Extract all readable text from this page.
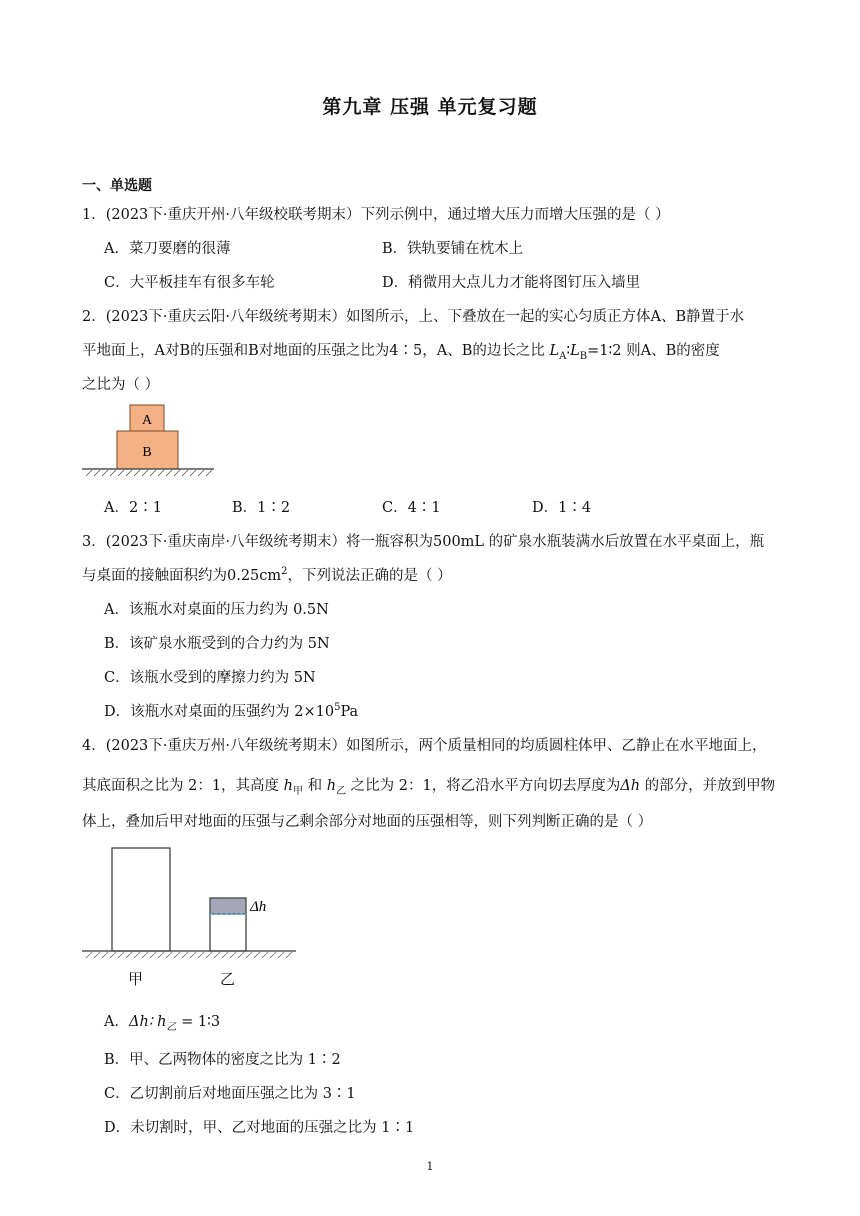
第九章 压强 单元复习题
一、单选题
1．(2023下·重庆开州·八年级校联考期末）下列示例中，通过增大压力而增大压强的是（ ）
A．菜刀要磨的很薄	B．铁轨要铺在枕木上
C．大平板挂车有很多车轮	D．稍微用大点儿力才能将图钉压入墙里
2．(2023下·重庆云阳·八年级统考期末）如图所示，上、下叠放在一起的实心匀质正方体A、B静置于水
平地面上，A对B的压强和B对地面的压强之比为4∶5，A、B的边长之比 $L_A∶L_B=1∶2$ 则A、B的密度
之比为（ ）
A
B
A．2∶1	B．1∶2	C．4∶1	D．1∶4
3．(2023下·重庆南岸·八年级统考期末）将一瓶容积为500mL 的矿泉水瓶装满水后放置在水平桌面上，瓶
与桌面的接触面积约为$0.25cm^2$，下列说法正确的是（ ）
A．该瓶水对桌面的压力约为 0.5N
B．该矿泉水瓶受到的合力约为 5N
C．该瓶水受到的摩擦力约为 5N
D．该瓶水对桌面的压强约为 $2\times 10^5Pa$
4．(2023下·重庆万州·八年级统考期末）如图所示，两个质量相同的均质圆柱体甲、乙静止在水平地面上，
其底面积之比为 2：1，其高度 $h_甲$ 和 $h_乙$ 之比为 2：1，将乙沿水平方向切去厚度为Δh 的部分，并放到甲物
体上，叠加后甲对地面的压强与乙剩余部分对地面的压强相等，则下列判断正确的是（ ）
Δh
甲	乙
A．Δh∶ $h_乙$ = 1∶3
B．甲、乙两物体的密度之比为 1∶2
C．乙切割前后对地面压强之比为 3∶1
D．未切割时，甲、乙对地面的压强之比为 1∶1
1
